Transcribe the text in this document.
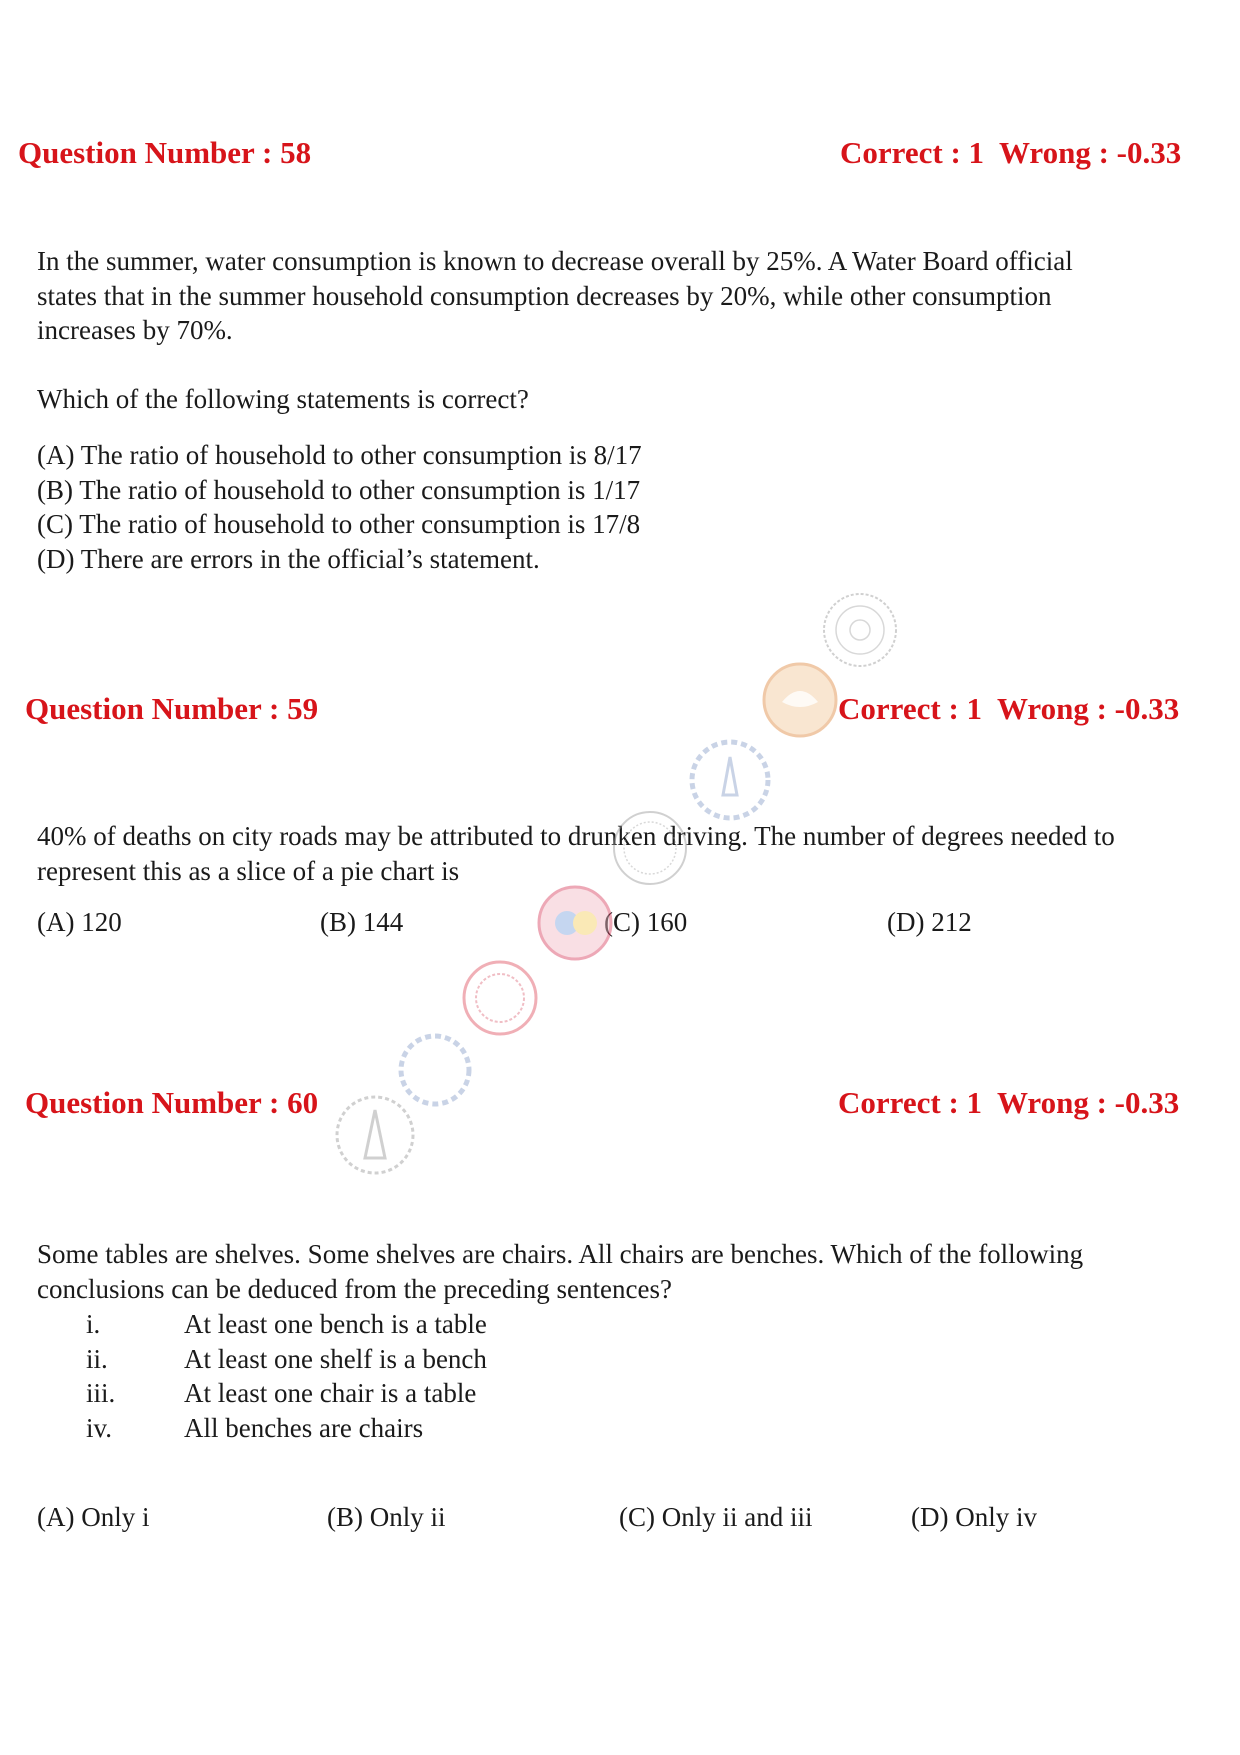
Question Number : 58	Correct : 1  Wrong : -0.33

In the summer, water consumption is known to decrease overall by 25%. A Water Board official

states that in the summer household consumption decreases by 20%, while other consumption

increases by 70%.

Which of the following statements is correct?

(A) The ratio of household to other consumption is 8/17

(B) The ratio of household to other consumption is 1/17

(C) The ratio of household to other consumption is 17/8

(D) There are errors in the official’s statement.

Question Number : 59	Correct : 1  Wrong : -0.33

40% of deaths on city roads may be attributed to drunken driving. The number of degrees needed to

represent this as a slice of a pie chart is

(A) 120	(B) 144	(C) 160	(D) 212
Question Number : 60	Correct : 1  Wrong : -0.33

Some tables are shelves. Some shelves are chairs. All chairs are benches. Which of the following

conclusions can be deduced from the preceding sentences?

i.	At least one bench is a table
ii.	At least one shelf is a bench
iii.	At least one chair is a table
iv.	All benches are chairs
(A) Only i	(B) Only ii	(C) Only ii and iii	(D) Only iv
